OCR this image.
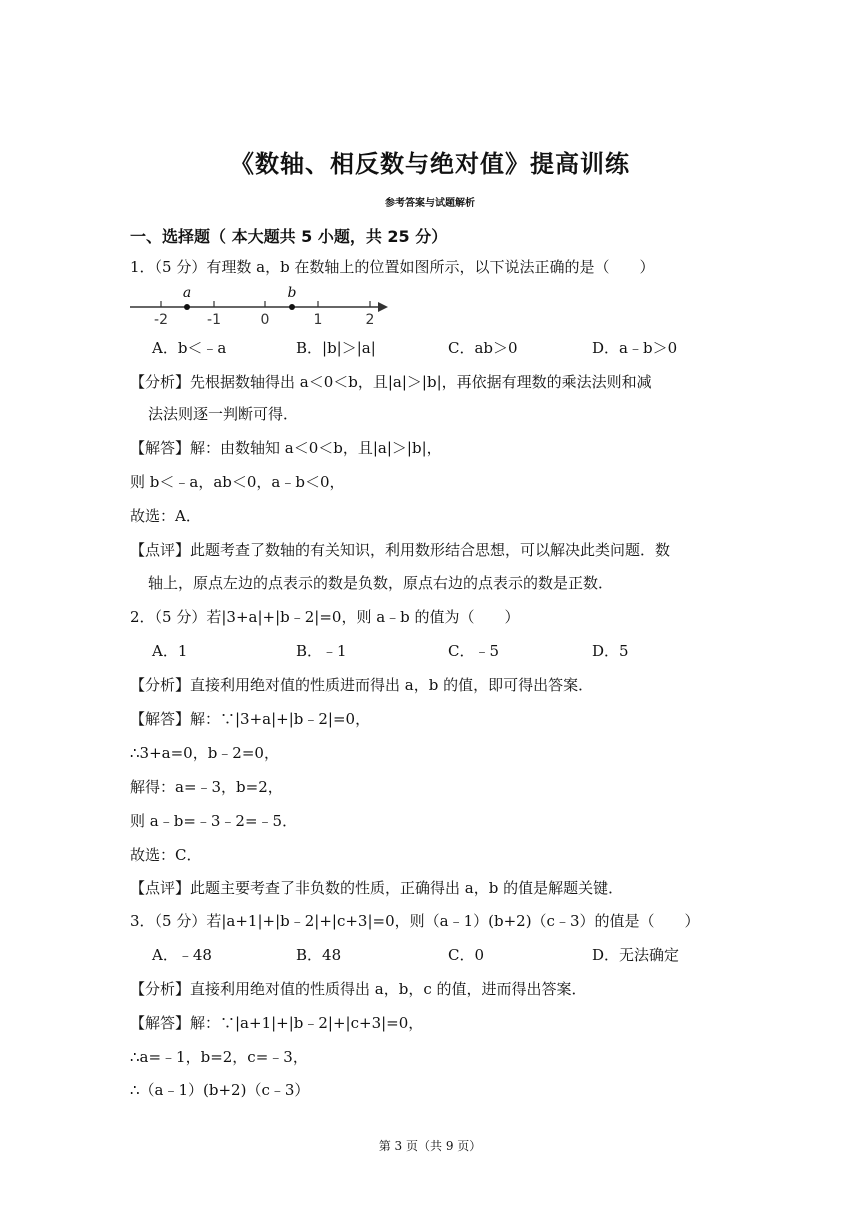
《数轴、相反数与绝对值》提高训练
参考答案与试题解析
一、选择题（ 本大题共 5 小题，共 25 分）
1．（5 分）有理数 a，b 在数轴上的位置如图所示，以下说法正确的是（　　）
-2	-1	0	1	2
a	b
A．b＜﹣a	B．|b|＞|a|	C．ab＞0	D．a﹣b＞0
【分析】先根据数轴得出 a＜0＜b，且|a|＞|b|，再依据有理数的乘法法则和减
法法则逐一判断可得．
【解答】解：由数轴知 a＜0＜b，且|a|＞|b|，
则 b＜﹣a，ab＜0，a﹣b＜0，
故选：A．
【点评】此题考查了数轴的有关知识，利用数形结合思想，可以解决此类问题．数
轴上，原点左边的点表示的数是负数，原点右边的点表示的数是正数．
2．（5 分）若|3+a|+|b﹣2|=0，则 a﹣b 的值为（　　）
A．1	B．﹣1	C．﹣5	D．5
【分析】直接利用绝对值的性质进而得出 a，b 的值，即可得出答案．
【解答】解：∵|3+a|+|b﹣2|=0，
∴3+a=0，b﹣2=0，
解得：a=﹣3，b=2，
则 a﹣b=﹣3﹣2=﹣5．
故选：C．
【点评】此题主要考查了非负数的性质，正确得出 a，b 的值是解题关键．
3．（5 分）若|a+1|+|b﹣2|+|c+3|=0，则（a﹣1）(b+2)（c﹣3）的值是（　　）
A．﹣48	B．48	C．0	D．无法确定
【分析】直接利用绝对值的性质得出 a，b，c 的值，进而得出答案．
【解答】解：∵|a+1|+|b﹣2|+|c+3|=0，
∴a=﹣1，b=2，c=﹣3，
∴（a﹣1）(b+2)（c﹣3）
第 3 页（共 9 页）
